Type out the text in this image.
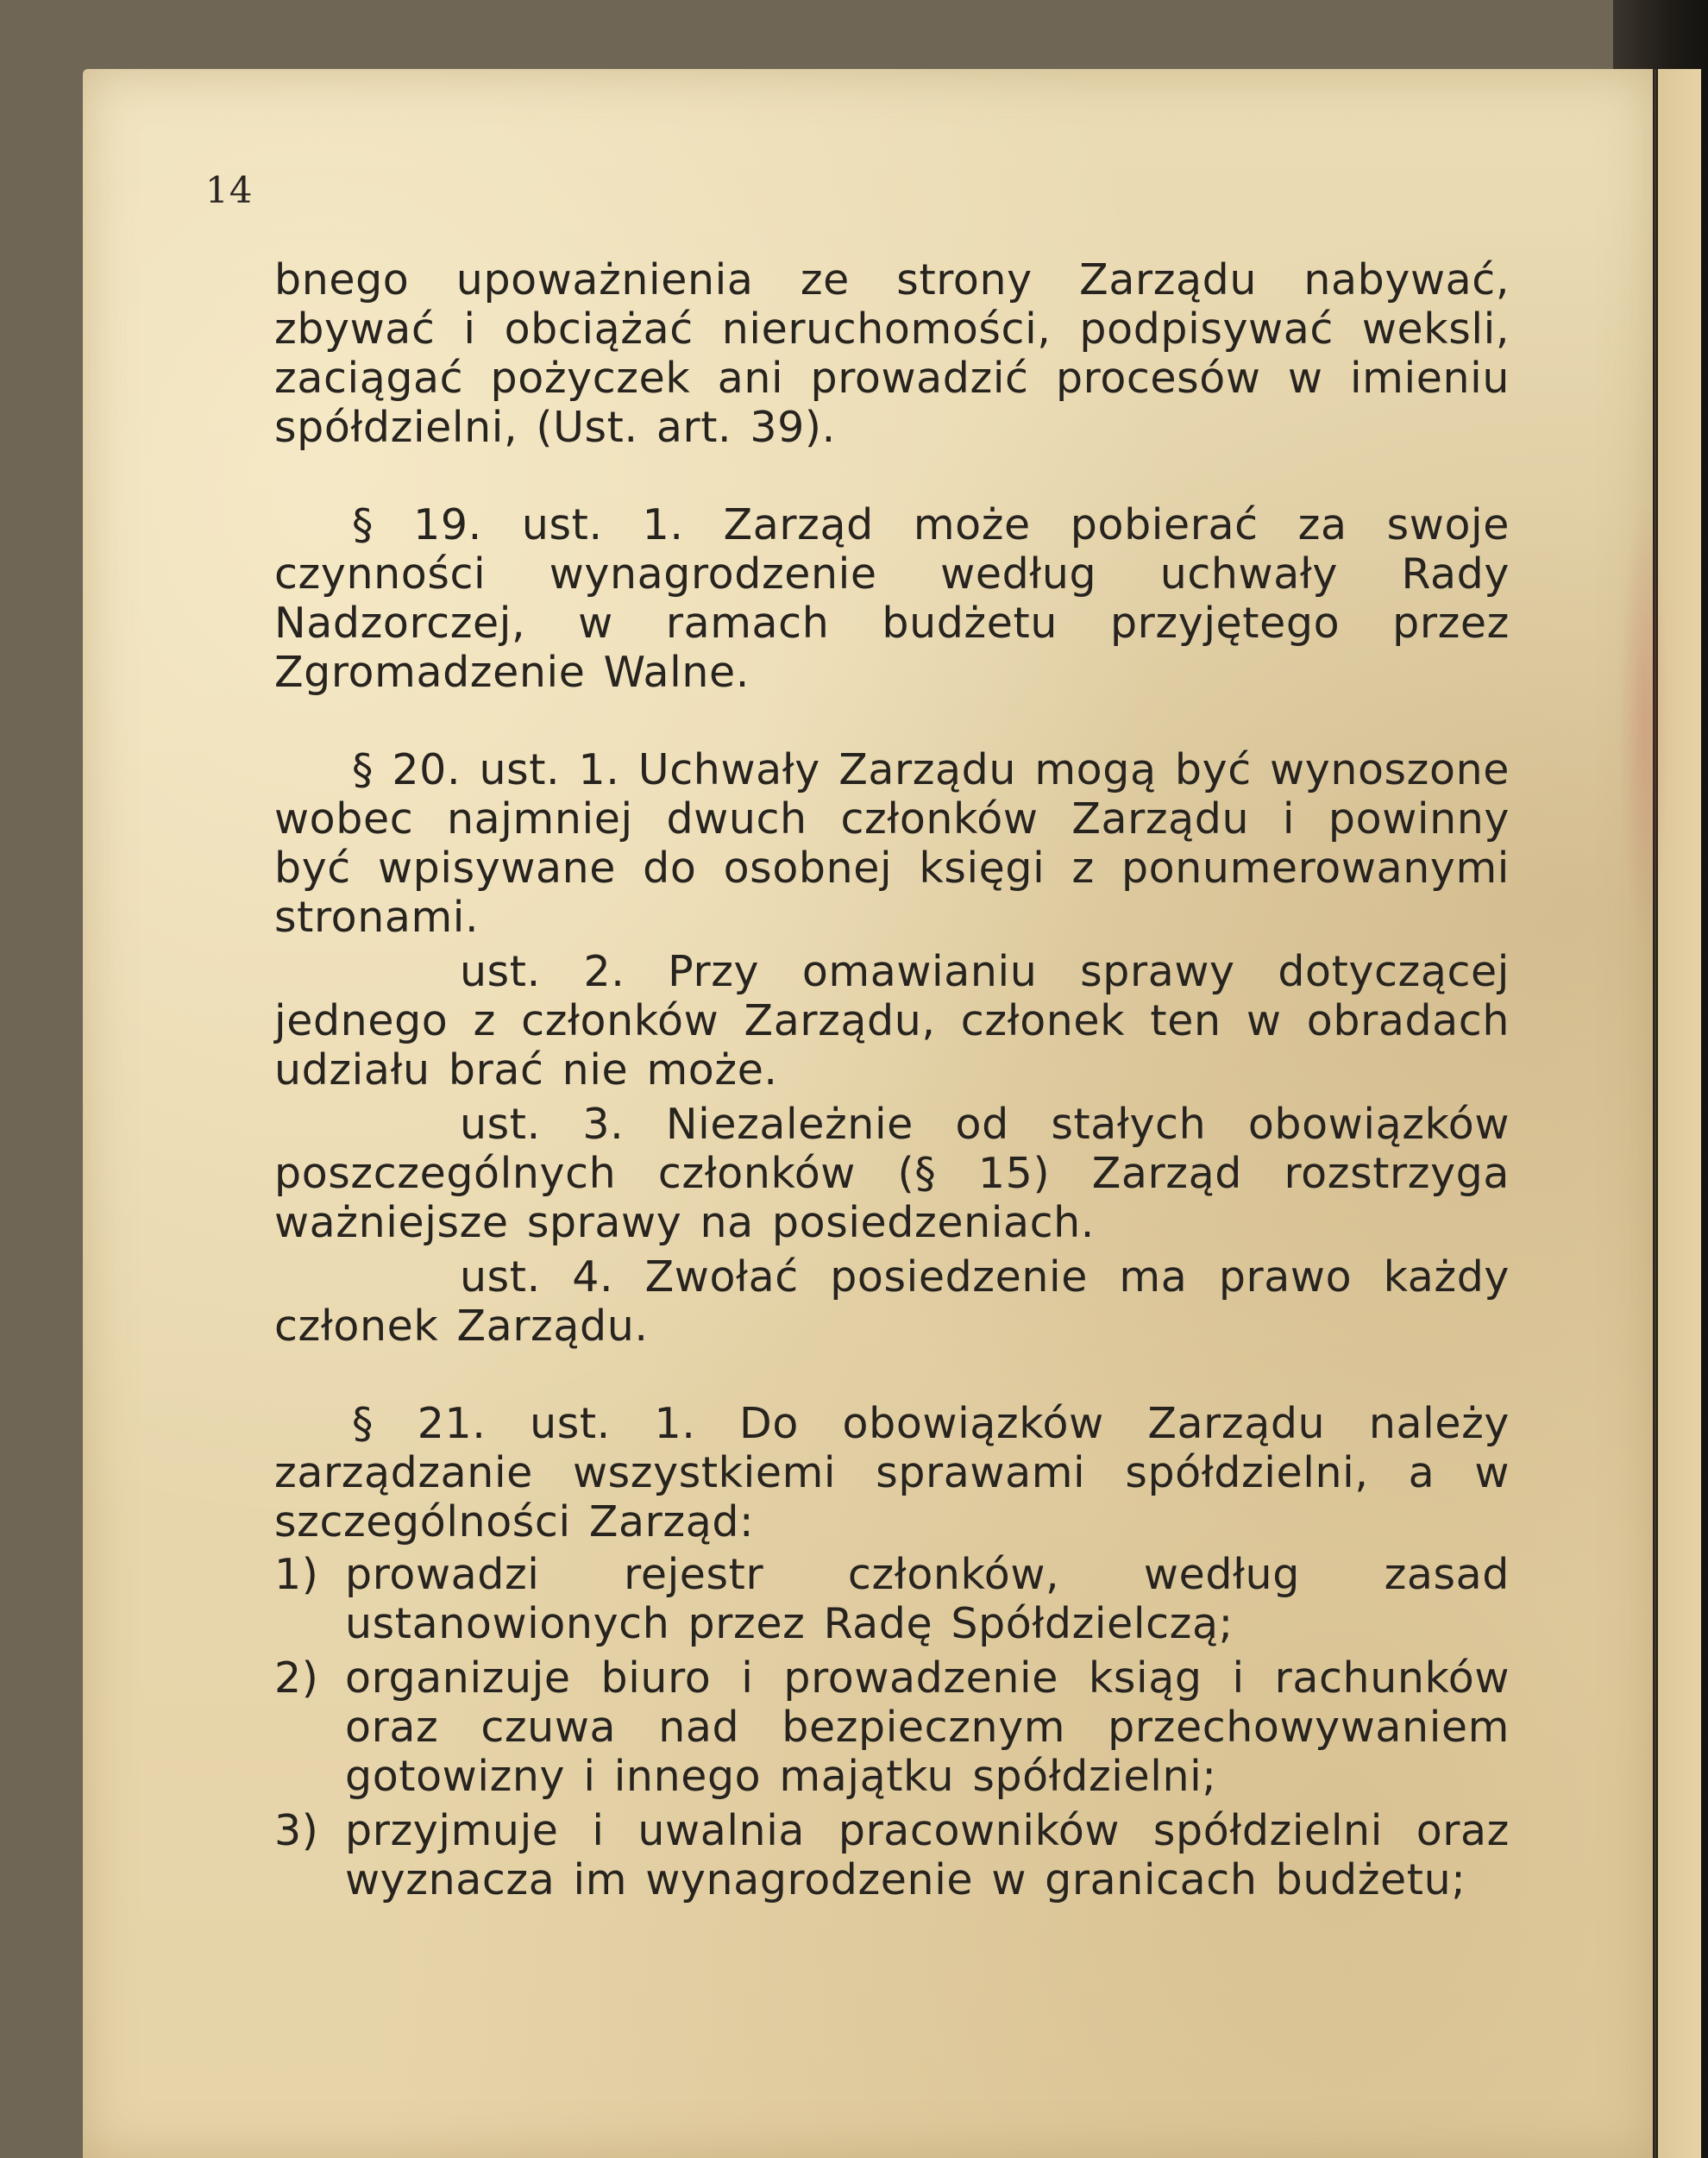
14

bnego upoważnienia ze strony Zarządu nabywać, zbywać i obciążać nieruchomości, podpisywać weksli, zaciągać pożyczek ani prowadzić procesów w imieniu spółdzielni, (Ust. art. 39).

§ 19. ust. 1. Zarząd może pobierać za swoje czynności wynagrodzenie według uchwały Rady Nadzorczej, w ramach budżetu przyjętego przez Zgromadzenie Walne.

§ 20. ust. 1. Uchwały Zarządu mogą być wynoszone wobec najmniej dwuch członków Zarządu i powinny być wpisywane do osobnej księgi z ponumerowanymi stronami.

ust. 2. Przy omawianiu sprawy dotyczącej jednego z członków Zarządu, członek ten w obradach udziału brać nie może.

ust. 3. Niezależnie od stałych obowiązków poszczególnych członków (§ 15) Zarząd rozstrzyga ważniejsze sprawy na posiedzeniach.

ust. 4. Zwołać posiedzenie ma prawo każdy członek Zarządu.

§ 21. ust. 1. Do obowiązków Zarządu należy zarządzanie wszystkiemi sprawami spółdzielni, a w szczególności Zarząd:

1) prowadzi rejestr członków, według zasad ustanowionych przez Radę Spółdzielczą;
2) organizuje biuro i prowadzenie ksiąg i rachunków oraz czuwa nad bezpiecznym przechowywaniem gotowizny i innego majątku spółdzielni;
3) przyjmuje i uwalnia pracowników spółdzielni oraz wyznacza im wynagrodzenie w granicach budżetu;
